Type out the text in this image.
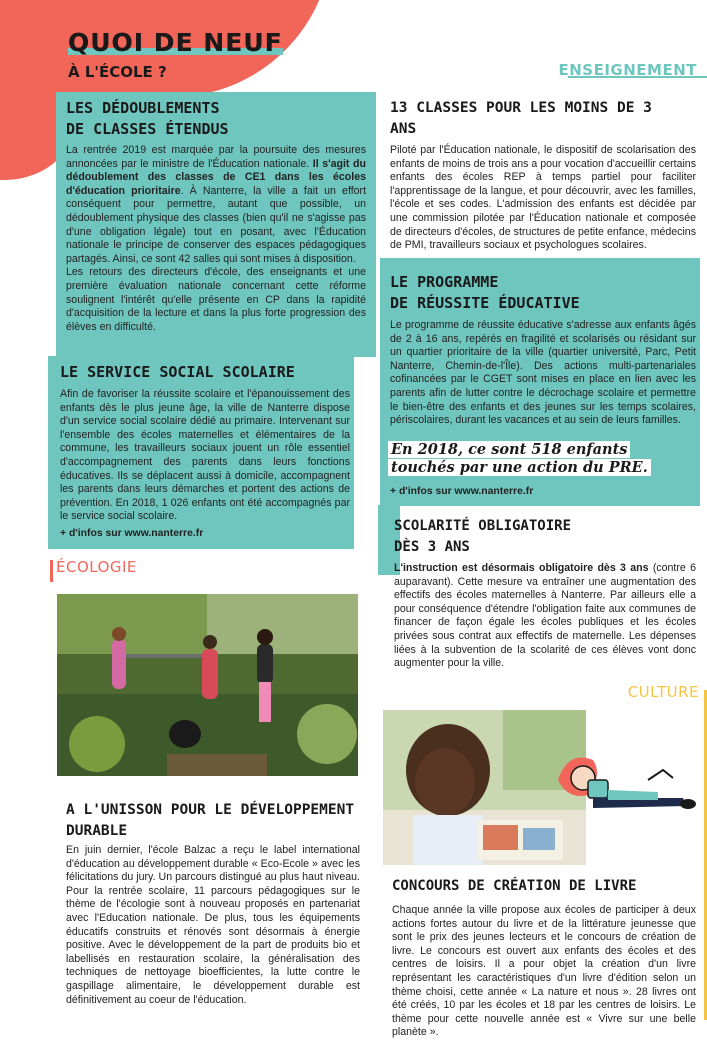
QUOI DE NEUF
À L'ÉCOLE ?	ENSEIGNEMENT
ÉCOLOGIE
CULTURE
LES DÉDOUBLEMENTS
DE CLASSES ÉTENDUS
La rentrée 2019 est marquée par la poursuite des mesures annoncées par le ministre de l'Éducation nationale. Il s'agit du dédoublement des classes de CE1 dans les écoles d'éducation prioritaire. À Nanterre, la ville a fait un effort conséquent pour permettre, autant que possible, un dédoublement physique des classes (bien qu'il ne s'agisse pas d'une obligation légale) tout en posant, avec l'Éducation nationale le principe de conserver des espaces pédagogiques partagés. Ainsi, ce sont 42 salles qui sont mises à disposition.
Les retours des directeurs d'école, des enseignants et une première évaluation nationale concernant cette réforme soulignent l'intérêt qu'elle présente en CP dans la rapidité d'acquisition de la lecture et dans la plus forte progression des élèves en difficulté.
LE SERVICE SOCIAL SCOLAIRE
Afin de favoriser la réussite scolaire et l'épanouissement des enfants dès le plus jeune âge, la ville de Nanterre dispose d'un service social scolaire dédié au primaire. Intervenant sur l'ensemble des écoles maternelles et élémentaires de la commune, les travailleurs sociaux jouent un rôle essentiel d'accompagnement des parents dans leurs fonctions éducatives. Ils se déplacent aussi à domicile, accompagnent les parents dans leurs démarches et portent des actions de prévention. En 2018, 1 026 enfants ont été accompagnés par le service social scolaire.
+ d'infos sur www.nanterre.fr
13 CLASSES POUR LES MOINS DE 3
ANS
Piloté par l'Éducation nationale, le dispositif de scolarisation des enfants de moins de trois ans a pour vocation d'accueillir certains enfants des écoles REP à temps partiel pour faciliter l'apprentissage de la langue, et pour découvrir, avec les familles, l'école et ses codes. L'admission des enfants est décidée par une commission pilotée par l'Éducation nationale et composée de directeurs d'écoles, de structures de petite enfance, médecins de PMI, travailleurs sociaux et psychologues scolaires.
LE PROGRAMME
DE RÉUSSITE ÉDUCATIVE
Le programme de réussite éducative s'adresse aux enfants âgés de 2 à 16 ans, repérés en fragilité et scolarisés ou résidant sur un quartier prioritaire de la ville (quartier université, Parc, Petit Nanterre, Chemin-de-l'Île). Des actions multi-partenariales cofinancées par le CGET sont mises en place en lien avec les parents afin de lutter contre le décrochage scolaire et permettre le bien-être des enfants et des jeunes sur les temps scolaires, périscolaires, durant les vacances et au sein de leurs familles.
En 2018, ce sont 518 enfants
touchés par une action du PRE.
+ d'infos sur www.nanterre.fr
SCOLARITÉ OBLIGATOIRE
DÈS 3 ANS
L'instruction est désormais obligatoire dès 3 ans (contre 6 auparavant). Cette mesure va entraîner une augmentation des effectifs des écoles maternelles à Nanterre. Par ailleurs elle a pour conséquence d'étendre l'obligation faite aux communes de financer de façon égale les écoles publiques et les écoles privées sous contrat aux effectifs de maternelle. Les dépenses liées à la subvention de la scolarité de ces élèves vont donc augmenter pour la ville.
A L'UNISSON POUR LE DÉVELOPPEMENT
DURABLE
En juin dernier, l'école Balzac a reçu le label international d'éducation au développement durable « Eco-Ecole » avec les félicitations du jury. Un parcours distingué au plus haut niveau. Pour la rentrée scolaire, 11 parcours pédagogiques sur le thème de l'écologie sont à nouveau proposés en partenariat avec l'Education nationale. De plus, tous les équipements éducatifs construits et rénovés sont désormais à énergie positive. Avec le développement de la part de produits bio et labellisés en restauration scolaire, la généralisation des techniques de nettoyage bioefficientes, la lutte contre le gaspillage alimentaire, le développement durable est définitivement au coeur de l'éducation.
CONCOURS DE CRÉATION DE LIVRE
Chaque année la ville propose aux écoles de participer à deux actions fortes autour du livre et de la littérature jeunesse que sont le prix des jeunes lecteurs et le concours de création de livre. Le concours est ouvert aux enfants des écoles et des centres de loisirs. Il a pour objet la création d'un livre représentant les caractéristiques d'un livre d'édition selon un thème choisi, cette année « La nature et nous ». 28 livres ont été créés, 10 par les écoles et 18 par les centres de loisirs. Le thème pour cette nouvelle année est « Vivre sur une belle planète ».
